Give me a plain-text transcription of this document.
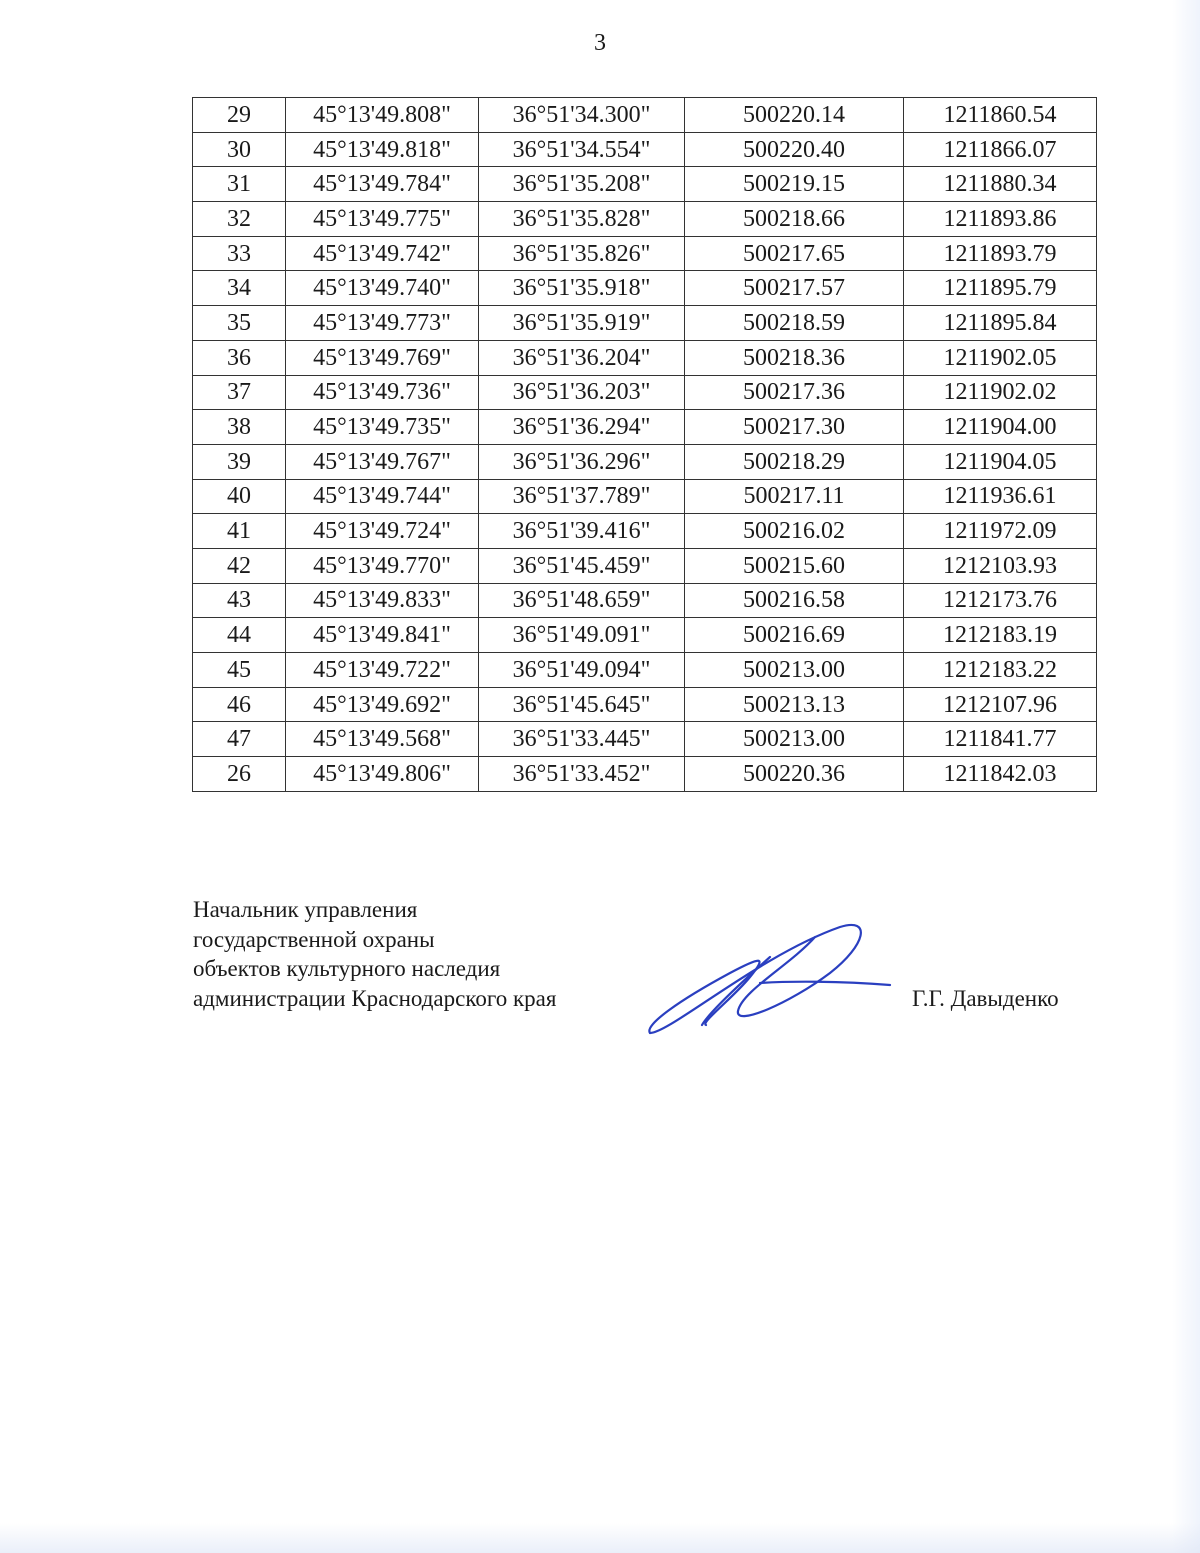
3
29	45°13'49.808"	36°51'34.300"	500220.14	1211860.54
30	45°13'49.818"	36°51'34.554"	500220.40	1211866.07
31	45°13'49.784"	36°51'35.208"	500219.15	1211880.34
32	45°13'49.775"	36°51'35.828"	500218.66	1211893.86
33	45°13'49.742"	36°51'35.826"	500217.65	1211893.79
34	45°13'49.740"	36°51'35.918"	500217.57	1211895.79
35	45°13'49.773"	36°51'35.919"	500218.59	1211895.84
36	45°13'49.769"	36°51'36.204"	500218.36	1211902.05
37	45°13'49.736"	36°51'36.203"	500217.36	1211902.02
38	45°13'49.735"	36°51'36.294"	500217.30	1211904.00
39	45°13'49.767"	36°51'36.296"	500218.29	1211904.05
40	45°13'49.744"	36°51'37.789"	500217.11	1211936.61
41	45°13'49.724"	36°51'39.416"	500216.02	1211972.09
42	45°13'49.770"	36°51'45.459"	500215.60	1212103.93
43	45°13'49.833"	36°51'48.659"	500216.58	1212173.76
44	45°13'49.841"	36°51'49.091"	500216.69	1212183.19
45	45°13'49.722"	36°51'49.094"	500213.00	1212183.22
46	45°13'49.692"	36°51'45.645"	500213.13	1212107.96
47	45°13'49.568"	36°51'33.445"	500213.00	1211841.77
26	45°13'49.806"	36°51'33.452"	500220.36	1211842.03
Начальник управления
государственной охраны
объектов культурного наследия
администрации Краснодарского края	Г.Г. Давыденко
